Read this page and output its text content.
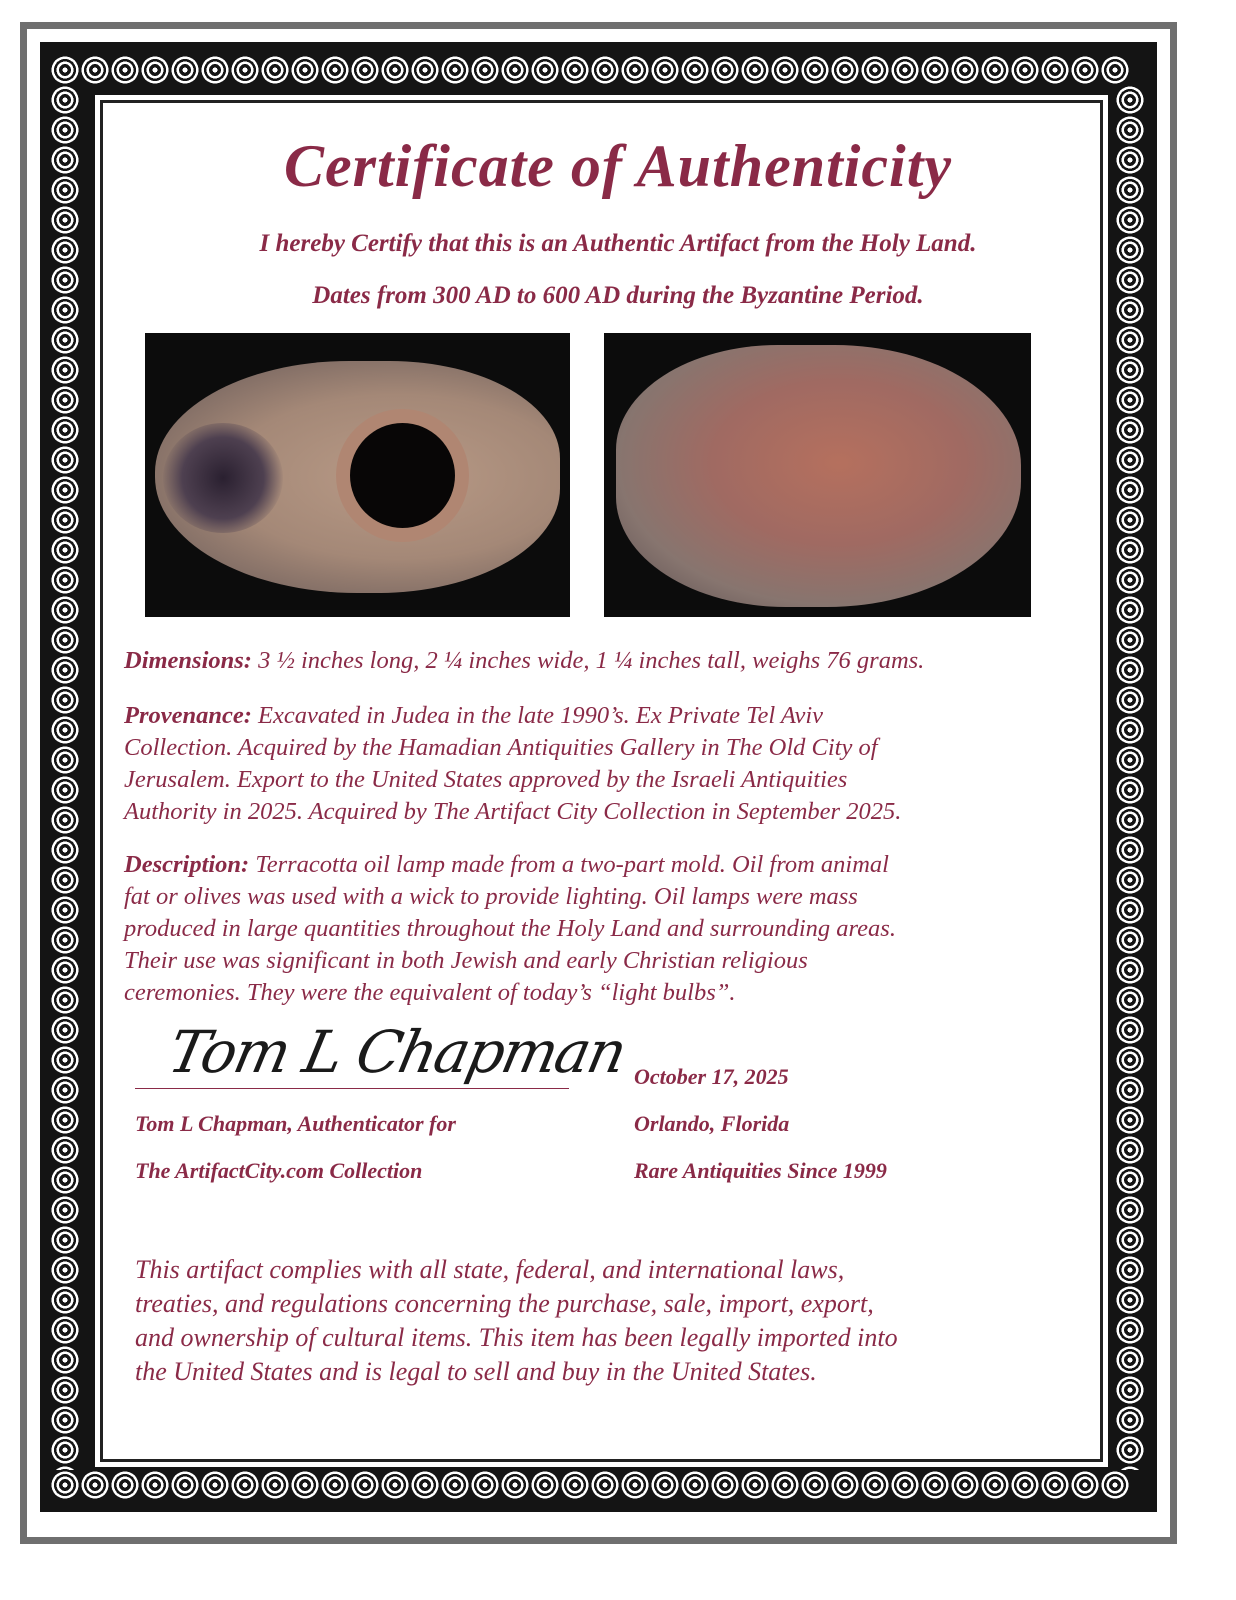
Certificate of Authenticity
I hereby Certify that this is an Authentic Artifact from the Holy Land.
Dates from 300 AD to 600 AD during the Byzantine Period.
Dimensions: 3 ½ inches long, 2 ¼ inches wide, 1 ¼ inches tall, weighs 76 grams.
Provenance: Excavated in Judea in the late 1990’s. Ex Private Tel Aviv
Collection. Acquired by the Hamadian Antiquities Gallery in The Old City of
Jerusalem. Export to the United States approved by the Israeli Antiquities
Authority in 2025. Acquired by The Artifact City Collection in September 2025.
Description: Terracotta oil lamp made from a two-part mold. Oil from animal
fat or olives was used with a wick to provide lighting. Oil lamps were mass
produced in large quantities throughout the Holy Land and surrounding areas.
Their use was significant in both Jewish and early Christian religious
ceremonies. They were the equivalent of today’s “light bulbs”.
Tom L Chapman
Tom L Chapman, Authenticator for
The ArtifactCity.com Collection
October 17, 2025
Orlando, Florida
Rare Antiquities Since 1999
This artifact complies with all state, federal, and international laws,
treaties, and regulations concerning the purchase, sale, import, export,
and ownership of cultural items. This item has been legally imported into
the United States and is legal to sell and buy in the United States.
